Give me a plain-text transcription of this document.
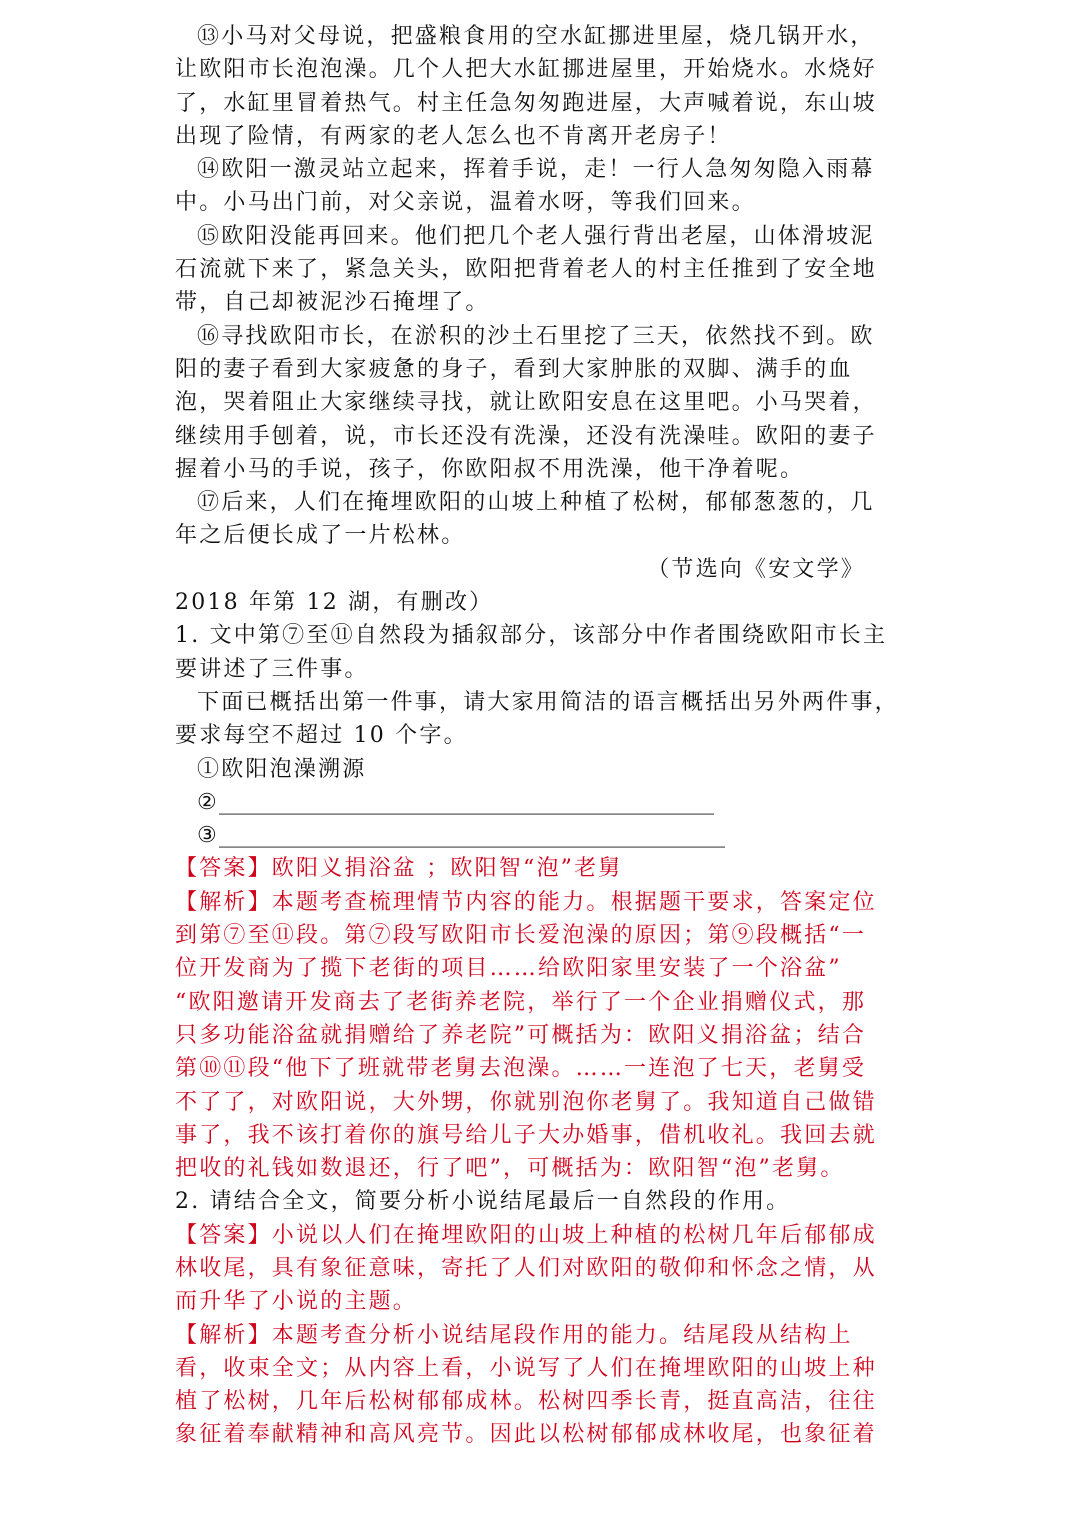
⑬小马对父母说，把盛粮食用的空水缸挪进里屋，烧几锅开水，
让欧阳市长泡泡澡。几个人把大水缸挪进屋里，开始烧水。水烧好
了，水缸里冒着热气。村主任急匆匆跑进屋，大声喊着说，东山坡
出现了险情，有两家的老人怎么也不肯离开老房子！
⑭欧阳一激灵站立起来，挥着手说，走！一行人急匆匆隐入雨幕
中。小马出门前，对父亲说，温着水呀，等我们回来。
⑮欧阳没能再回来。他们把几个老人强行背出老屋，山体滑坡泥
石流就下来了，紧急关头，欧阳把背着老人的村主任推到了安全地
带，自己却被泥沙石掩埋了。
⑯寻找欧阳市长，在淤积的沙土石里挖了三天，依然找不到。欧
阳的妻子看到大家疲惫的身子，看到大家肿胀的双脚、满手的血
泡，哭着阻止大家继续寻找，就让欧阳安息在这里吧。小马哭着，
继续用手刨着，说，市长还没有洗澡，还没有洗澡哇。欧阳的妻子
握着小马的手说，孩子，你欧阳叔不用洗澡，他干净着呢。
⑰后来，人们在掩埋欧阳的山坡上种植了松树，郁郁葱葱的，几
年之后便长成了一片松林。
（节选向《安文学》
2018 年第 12 湖，有删改）
1. 文中第⑦至⑪自然段为插叙部分，该部分中作者围绕欧阳市长主
要讲述了三件事。
下面已概括出第一件事，请大家用简洁的语言概括出另外两件事，
要求每空不超过 10 个字。
①欧阳泡澡溯源
②_____________________________________________
③______________________________________________
【答案】欧阳义捐浴盆 ；欧阳智“泡”老舅
【解析】本题考查梳理情节内容的能力。根据题干要求，答案定位
到第⑦至⑪段。第⑦段写欧阳市长爱泡澡的原因；第⑨段概括“一
位开发商为了揽下老街的项目……给欧阳家里安装了一个浴盆”
“欧阳邀请开发商去了老街养老院，举行了一个企业捐赠仪式，那
只多功能浴盆就捐赠给了养老院”可概括为：欧阳义捐浴盆；结合
第⑩⑪段“他下了班就带老舅去泡澡。……一连泡了七天，老舅受
不了了，对欧阳说，大外甥，你就别泡你老舅了。我知道自己做错
事了，我不该打着你的旗号给儿子大办婚事，借机收礼。我回去就
把收的礼钱如数退还，行了吧”，可概括为：欧阳智“泡”老舅。
2. 请结合全文，简要分析小说结尾最后一自然段的作用。
【答案】小说以人们在掩埋欧阳的山坡上种植的松树几年后郁郁成
林收尾，具有象征意味，寄托了人们对欧阳的敬仰和怀念之情，从
而升华了小说的主题。
【解析】本题考查分析小说结尾段作用的能力。结尾段从结构上
看，收束全文；从内容上看，小说写了人们在掩埋欧阳的山坡上种
植了松树，几年后松树郁郁成林。松树四季长青，挺直高洁，往往
象征着奉献精神和高风亮节。因此以松树郁郁成林收尾，也象征着
